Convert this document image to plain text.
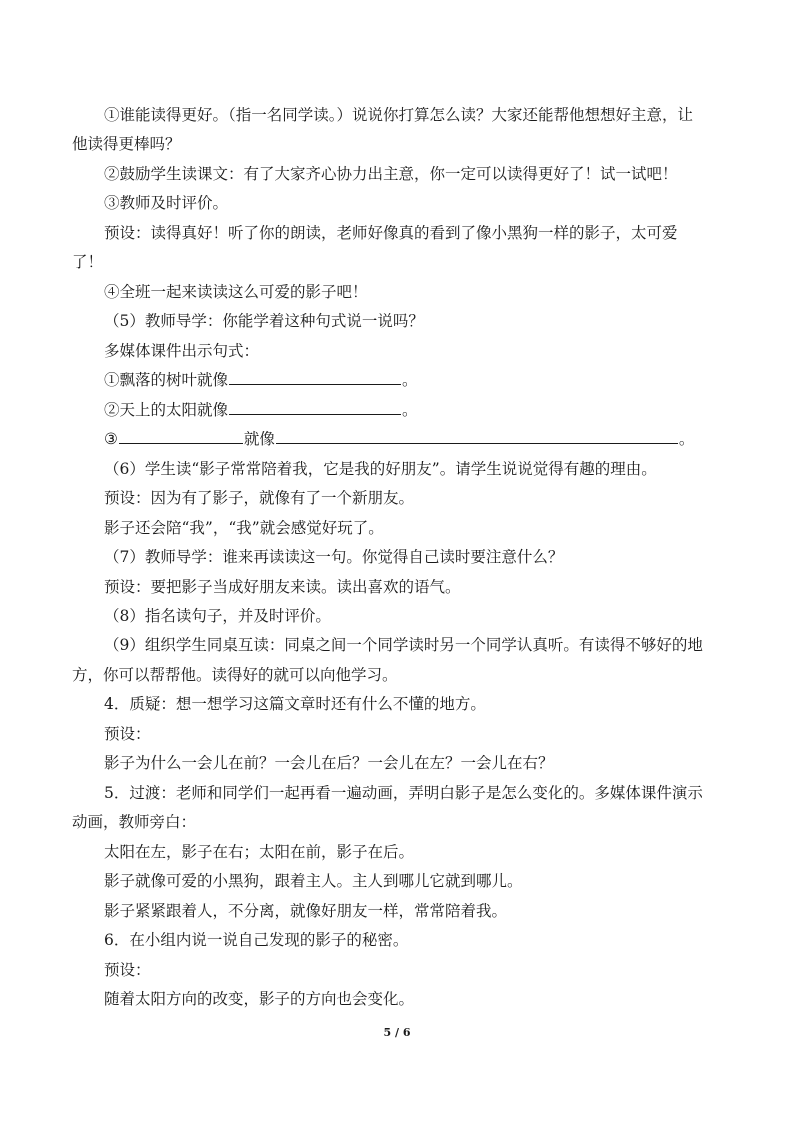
①谁能读得更好。（指一名同学读。）说说你打算怎么读？大家还能帮他想想好主意，让
他读得更棒吗？
②鼓励学生读课文：有了大家齐心协力出主意，你一定可以读得更好了！试一试吧！
③教师及时评价。
预设：读得真好！听了你的朗读，老师好像真的看到了像小黑狗一样的影子，太可爱
了！
④全班一起来读读这么可爱的影子吧！
（5）教师导学：你能学着这种句式说一说吗？
多媒体课件出示句式：
①飘落的树叶就像	。
②天上的太阳就像	。
③	就像	。
（6）学生读“影子常常陪着我，它是我的好朋友”。请学生说说觉得有趣的理由。
预设：因为有了影子，就像有了一个新朋友。
影子还会陪“我”，“我”就会感觉好玩了。
（7）教师导学：谁来再读读这一句。你觉得自己读时要注意什么？
预设：要把影子当成好朋友来读。读出喜欢的语气。
（8）指名读句子，并及时评价。
（9）组织学生同桌互读：同桌之间一个同学读时另一个同学认真听。有读得不够好的地
方，你可以帮帮他。读得好的就可以向他学习。
4．质疑：想一想学习这篇文章时还有什么不懂的地方。
预设：
影子为什么一会儿在前？一会儿在后？一会儿在左？一会儿在右？
5．过渡：老师和同学们一起再看一遍动画，弄明白影子是怎么变化的。多媒体课件演示
动画，教师旁白：
太阳在左，影子在右；太阳在前，影子在后。
影子就像可爱的小黑狗，跟着主人。主人到哪儿它就到哪儿。
影子紧紧跟着人，不分离，就像好朋友一样，常常陪着我。
6．在小组内说一说自己发现的影子的秘密。
预设：
随着太阳方向的改变，影子的方向也会变化。
5 / 6
